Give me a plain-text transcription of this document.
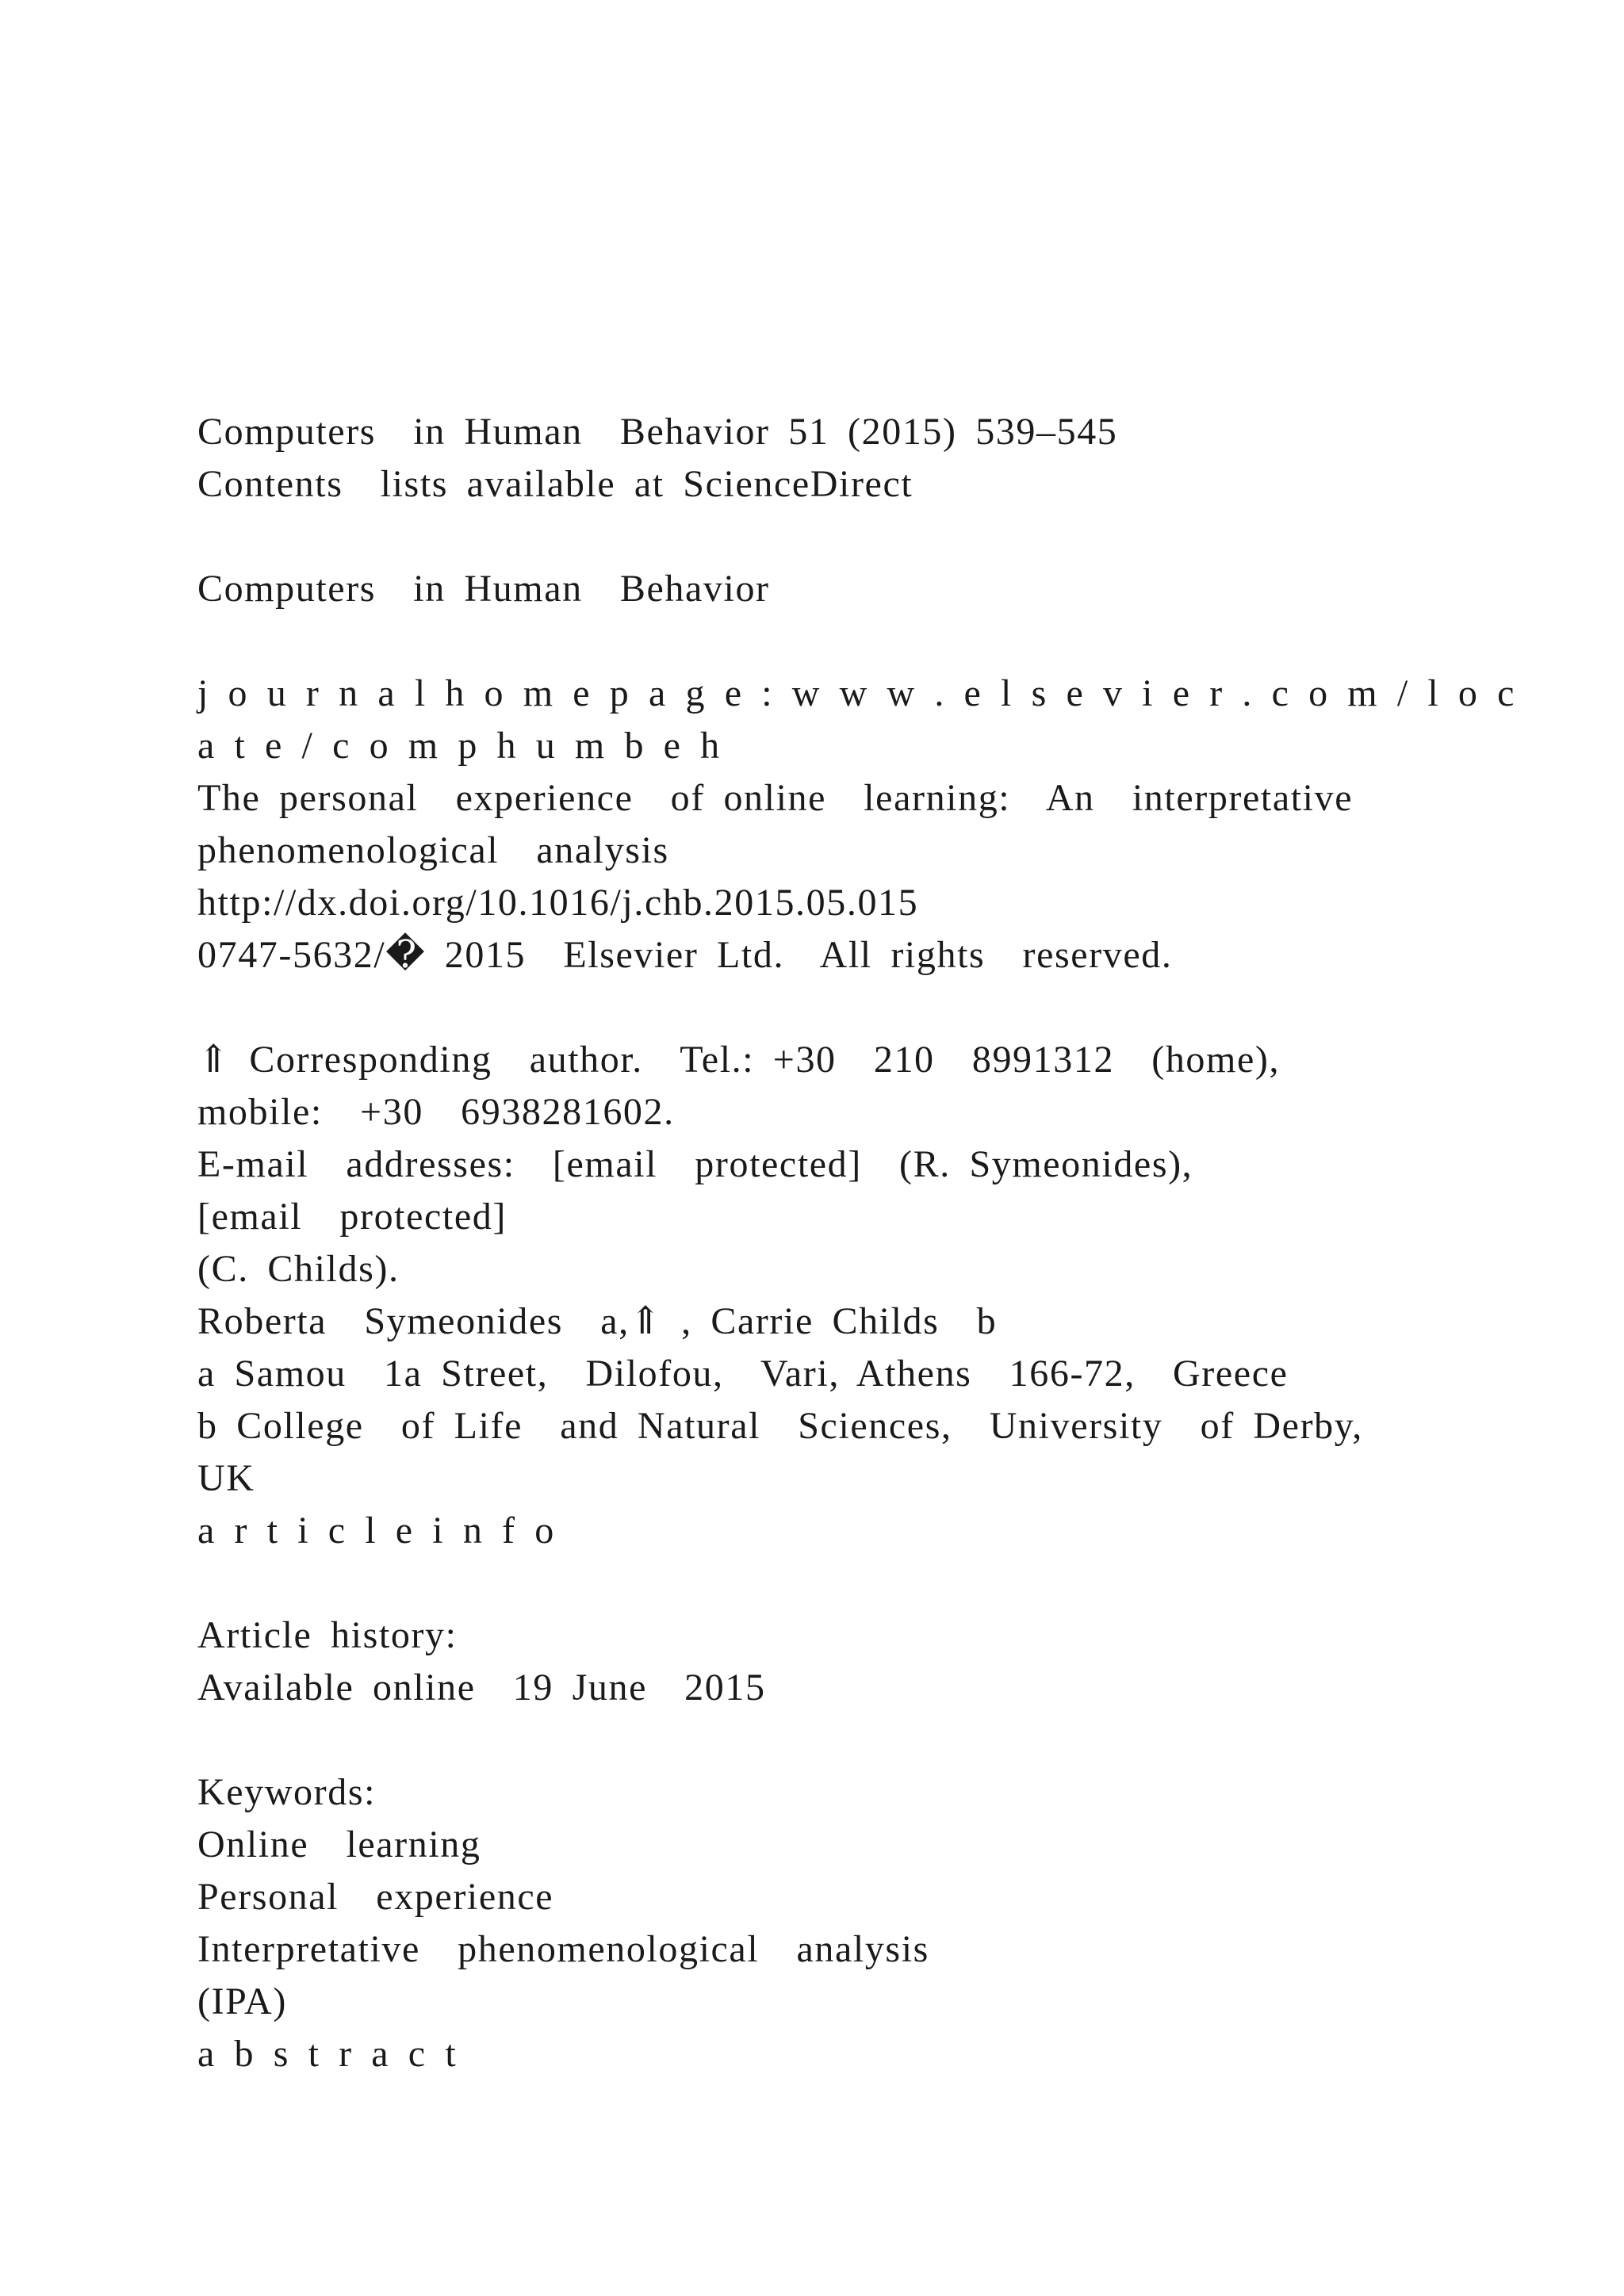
Computers  in Human  Behavior 51 (2015) 539–545
Contents  lists available at ScienceDirect
Computers  in Human  Behavior
j o u r n a l h o m e p a g e : w w w . e l s e v i e r . c o m / l o c
a t e / c o m p h u m b e h
The personal  experience  of online  learning:  An  interpretative
phenomenological  analysis
http://dx.doi.org/10.1016/j.chb.2015.05.015
0747-5632/� 2015  Elsevier Ltd.  All rights  reserved.
⇑ Corresponding  author.  Tel.: +30  210  8991312  (home),
mobile:  +30  6938281602.
E-mail  addresses:  [email  protected]  (R. Symeonides),
[email  protected]
(C. Childs).
Roberta  Symeonides  a,⇑ , Carrie Childs  b
a Samou  1a Street,  Dilofou,  Vari, Athens  166-72,  Greece
b College  of Life  and Natural  Sciences,  University  of Derby,
UK
a r t i c l e i n f o
Article history:
Available online  19 June  2015
Keywords:
Online  learning
Personal  experience
Interpretative  phenomenological  analysis
(IPA)
a b s t r a c t
